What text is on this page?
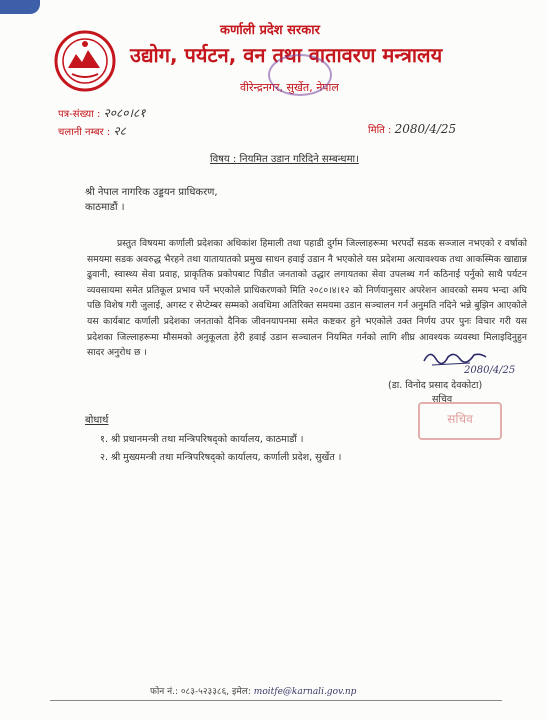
कर्णाली प्रदेश सरकार
उद्योग, पर्यटन, वन तथा वातावरण मन्त्रालय
वीरेन्द्रनगर, सुर्खेत, नेपाल
पत्र-संख्या : २०८०।८१
चलानी नम्बर : २८	मिति : 2080/4/25
विषय : नियमित उडान गरिदिने सम्बन्धमा।
श्री नेपाल नागरिक उड्डयन प्राधिकरण,
काठमाडौं ।

प्रस्तुत विषयमा कर्णाली प्रदेशका अधिकांश हिमाली तथा पहाडी दुर्गम जिल्लाहरूमा भरपर्दो सडक सञ्जाल नभएको र वर्षाको समयमा सडक अवरुद्ध भैरहने तथा यातायातको प्रमुख साधन हवाई उडान नै भएकोले यस प्रदेशमा अत्यावश्यक तथा आकस्मिक खाद्यान्न ढुवानी, स्वास्थ्य सेवा प्रवाह, प्राकृतिक प्रकोपबाट पिडीत जनताको उद्धार लगायतका सेवा उपलब्ध गर्न कठिनाई पर्नुको साथै पर्यटन व्यवसायमा समेत प्रतिकूल प्रभाव पर्ने भएकोले प्राधिकरणको मिति २०८०।४।१२ को निर्णयानुसार अपरेशन आवरको समय भन्दा अघि पछि विशेष गरी जुलाई, अगस्ट र सेप्टेम्बर सम्मको अवधिमा अतिरिक्त समयमा उडान सञ्चालन गर्न अनुमति नदिने भन्ने बुझिन आएकोले यस कार्यबाट कर्णाली प्रदेशका जनताको दैनिक जीवनयापनमा समेत कष्टकर हुने भएकोले उक्त निर्णय उपर पुनः विचार गरी यस प्रदेशका जिल्लाहरूमा मौसमको अनुकूलता हेरी हवाई उडान सञ्चालन नियमित गर्नको लागि शीघ्र आवश्यक व्यवस्था मिलाइदिनुहुन सादर अनुरोध छ ।

2080/4/25
(डा. विनोद प्रसाद देवकोटा)
सचिव
सचिव
बोधार्थ
१. श्री प्रधानमन्त्री तथा मन्त्रिपरिषद्को कार्यालय, काठमाडौं ।
२. श्री मुख्यमन्त्री तथा मन्त्रिपरिषद्को कार्यालय, कर्णाली प्रदेश, सुर्खेत ।
फोन नं.: ०८३-५२३३८६, इमेल: moitfe@karnali.gov.np
